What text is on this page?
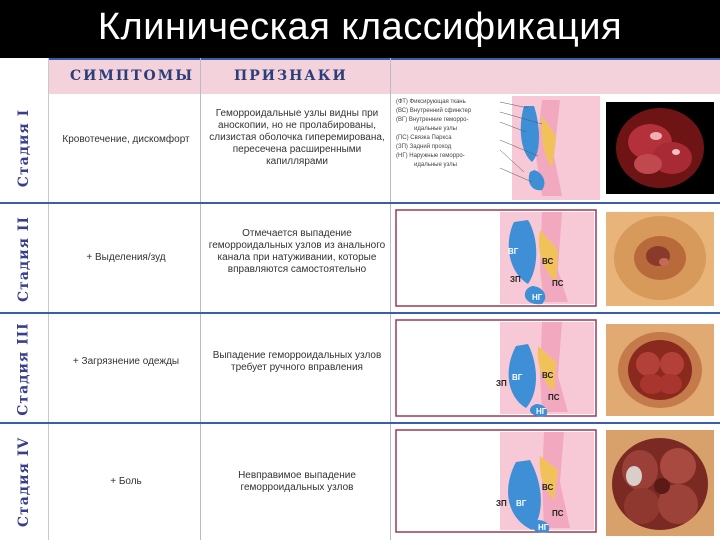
Клиническая классификация
СИМПТОМЫ	ПРИЗНАКИ
Стадия I
Стадия II
Стадия III
Стадия IV
Кровотечение, дискомфорт
Геморроидальные узлы видны при аноскопии, но не пролабированы, слизистая оболочка гиперемирована, пересечена расширенными капиллярами
(ФТ) Фиксирующая ткань
(ВС) Внутренний сфинктер
(ВГ) Внутренние геморро-
идальные узлы
(ПС) Связка Паркса
(ЗП) Задний проход
(НГ) Наружные геморро-
идальные узлы
+ Выделения/зуд
Отмечается выпадение геморроидальных узлов из анального канала при натуживании, которые вправляются самостоятельно
ВГ
ВС
ЗП	ПС
НГ
+ Загрязнение одежды
Выпадение геморроидальных узлов требует ручного вправления
ЗП
ВГ ВС
ПС
НГ
+ Боль
Невправимое выпадение геморроидальных узлов
ЗП ВГ
ВС
ПС
НГ
